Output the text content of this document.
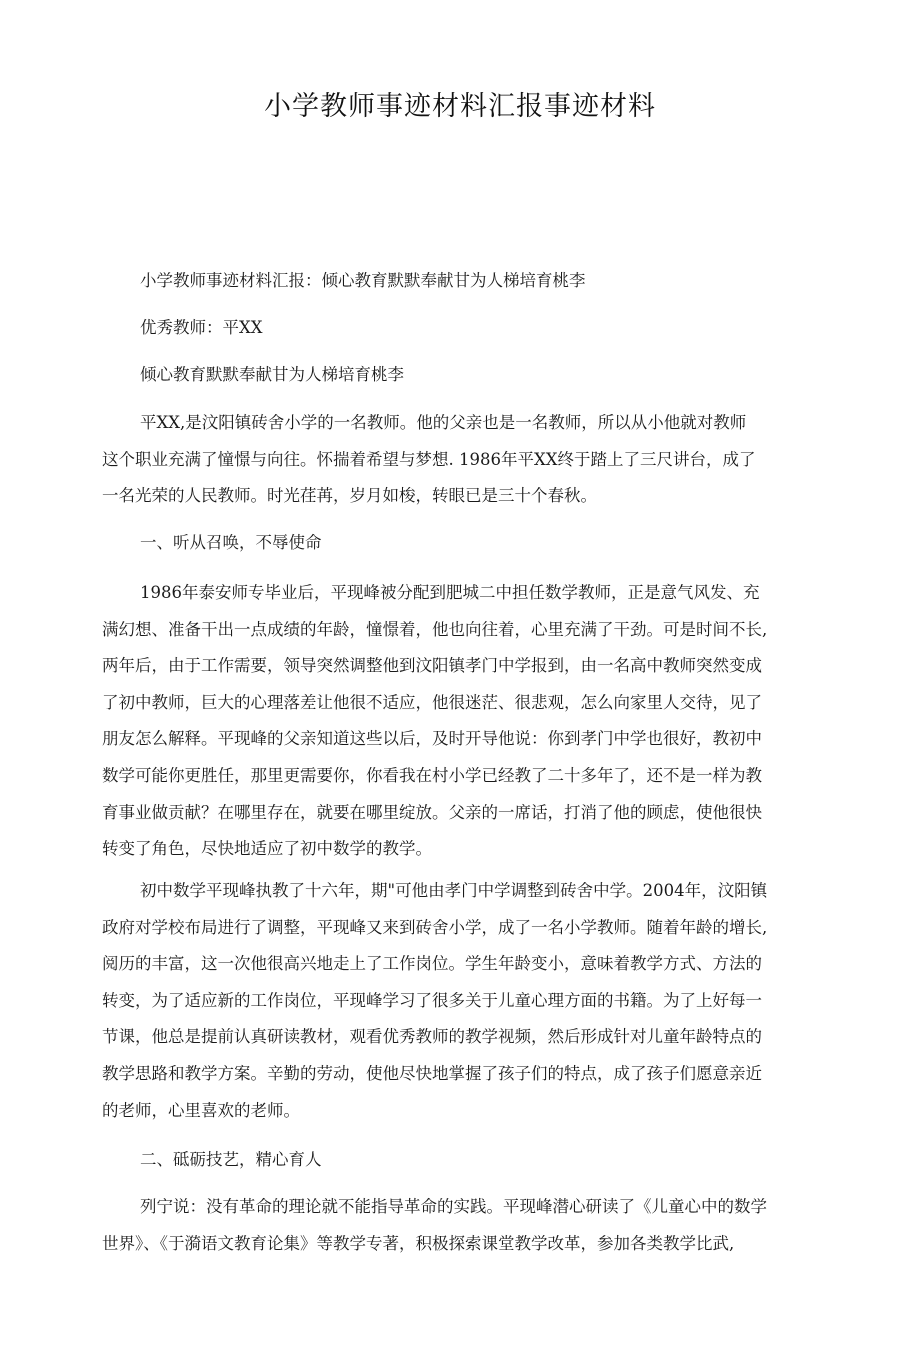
小学教师事迹材料汇报事迹材料
小学教师事迹材料汇报：倾心教育默默奉献甘为人梯培育桃李
优秀教师：平XX
倾心教育默默奉献甘为人梯培育桃李
平XX,是汶阳镇砖舍小学的一名教师。他的父亲也是一名教师，所以从小他就对教师
这个职业充满了憧憬与向往。怀揣着希望与梦想. 1986年平XX终于踏上了三尺讲台，成了
一名光荣的人民教师。时光荏苒，岁月如梭，转眼已是三十个春秋。
一、听从召唤，不辱使命
1986年泰安师专毕业后，平现峰被分配到肥城二中担任数学教师，正是意气风发、充
满幻想、准备干出一点成绩的年龄，憧憬着，他也向往着，心里充满了干劲。可是时间不长,
两年后，由于工作需要，领导突然调整他到汶阳镇孝门中学报到，由一名高中教师突然变成
了初中教师，巨大的心理落差让他很不适应，他很迷茫、很悲观，怎么向家里人交待，见了
朋友怎么解释。平现峰的父亲知道这些以后，及时开导他说：你到孝门中学也很好，教初中
数学可能你更胜任，那里更需要你，你看我在村小学已经教了二十多年了，还不是一样为教
育事业做贡献？在哪里存在，就要在哪里绽放。父亲的一席话，打消了他的顾虑，使他很快
转变了角色，尽快地适应了初中数学的教学。
初中数学平现峰执教了十六年，期"可他由孝门中学调整到砖舍中学。2004年，汶阳镇
政府对学校布局进行了调整，平现峰又来到砖舍小学，成了一名小学教师。随着年龄的增长,
阅历的丰富，这一次他很高兴地走上了工作岗位。学生年龄变小，意味着教学方式、方法的
转变，为了适应新的工作岗位，平现峰学习了很多关于儿童心理方面的书籍。为了上好每一
节课，他总是提前认真研读教材，观看优秀教师的教学视频，然后形成针对儿童年龄特点的
教学思路和教学方案。辛勤的劳动，使他尽快地掌握了孩子们的特点，成了孩子们愿意亲近
的老师，心里喜欢的老师。
二、砥砺技艺，精心育人
列宁说：没有革命的理论就不能指导革命的实践。平现峰潜心研读了《儿童心中的数学
世界》、《于漪语文教育论集》等教学专著，积极探索课堂教学改革，参加各类教学比武,
